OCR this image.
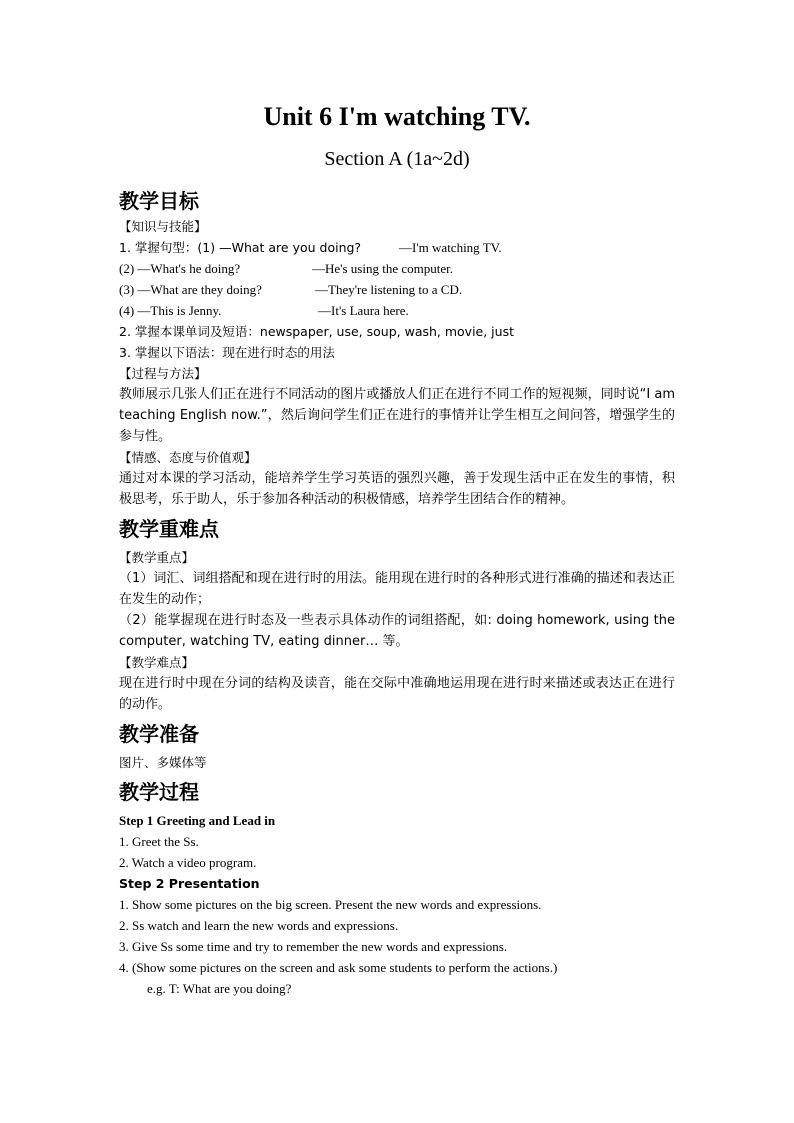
Unit 6 I'm watching TV.
Section A (1a~2d)
教学目标
【知识与技能】
1. 掌握句型：(1) —What are you doing?	—I'm watching TV.
(2) —What's he doing?	—He's using the computer.
(3) —What are they doing?	—They're listening to a CD.
(4) —This is Jenny.	—It's Laura here.
2. 掌握本课单词及短语：newspaper, use, soup, wash, movie, just
3. 掌握以下语法：现在进行时态的用法
【过程与方法】
教师展示几张人们正在进行不同活动的图片或播放人们正在进行不同工作的短视频，同时说“I am teaching English now.”，然后询问学生们正在进行的事情并让学生相互之间问答，增强学生的参与性。
【情感、态度与价值观】
通过对本课的学习活动，能培养学生学习英语的强烈兴趣，善于发现生活中正在发生的事情，积极思考，乐于助人，乐于参加各种活动的积极情感，培养学生团结合作的精神。
教学重难点
【教学重点】
（1）词汇、词组搭配和现在进行时的用法。能用现在进行时的各种形式进行准确的描述和表达正在发生的动作；
（2）能掌握现在进行时态及一些表示具体动作的词组搭配，如: doing homework, using the computer, watching TV, eating dinner… 等。
【教学难点】
现在进行时中现在分词的结构及读音，能在交际中准确地运用现在进行时来描述或表达正在进行的动作。
教学准备
图片、多媒体等
教学过程
Step 1 Greeting and Lead in
1. Greet the Ss.
2. Watch a video program.
Step 2 Presentation
1. Show some pictures on the big screen. Present the new words and expressions.
2. Ss watch and learn the new words and expressions.
3. Give Ss some time and try to remember the new words and expressions.
4. (Show some pictures on the screen and ask some students to perform the actions.)
e.g. T: What are you doing?
